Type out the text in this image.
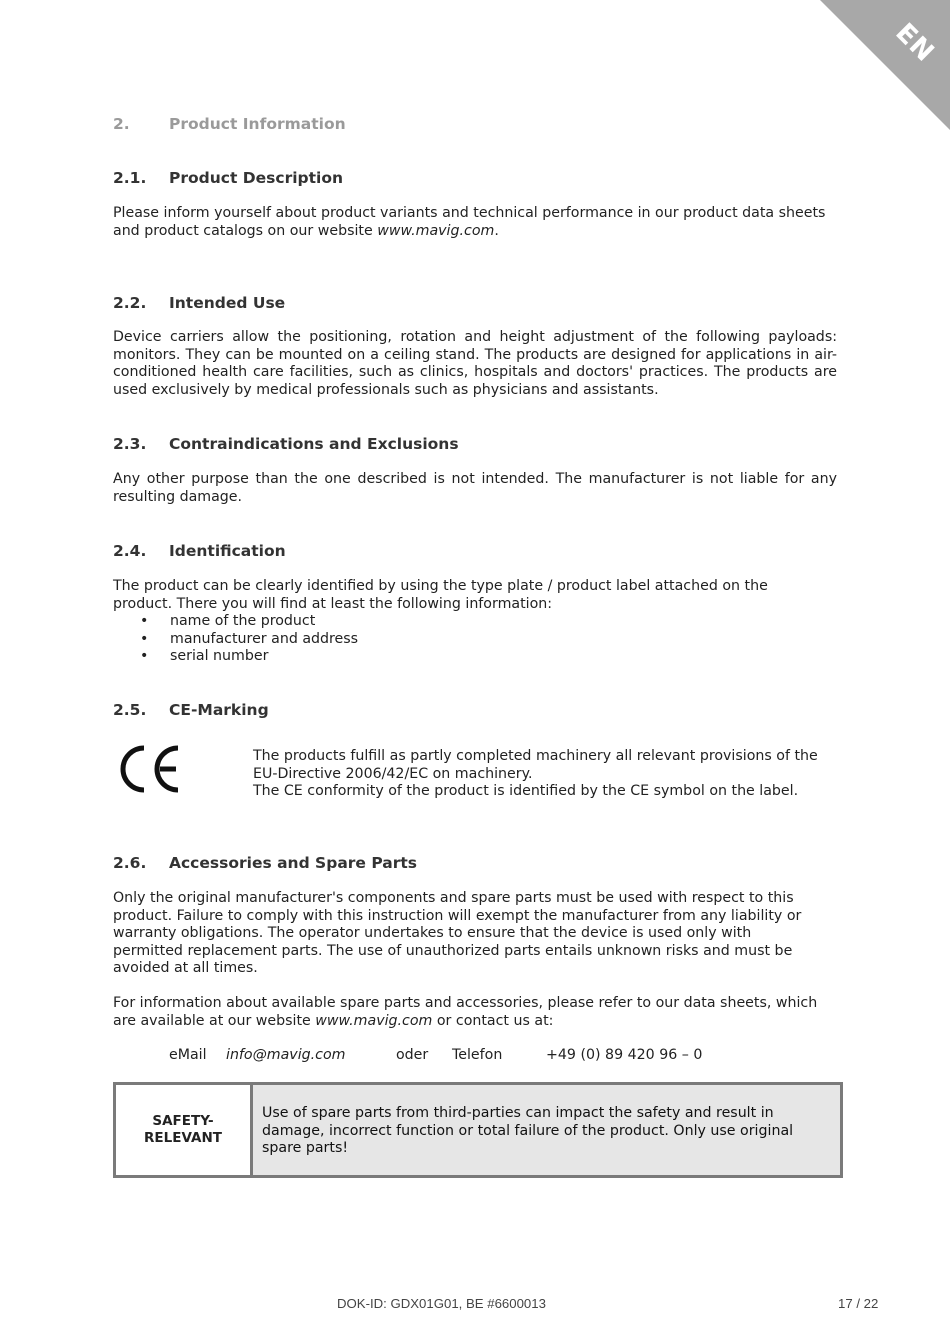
EN
2.	Product Information
2.1. Product Description
Please inform yourself about product variants and technical performance in our product data sheets and product catalogs on our website www.mavig.com.
2.2. Intended Use
Device carriers allow the positioning, rotation and height adjustment of the following payloads: monitors. They can be mounted on a ceiling stand. The products are designed for applications in air-conditioned health care facilities, such as clinics, hospitals and doctors' practices. The products are used exclusively by medical professionals such as physicians and assistants.
2.3. Contraindications and Exclusions
Any other purpose than the one described is not intended. The manufacturer is not liable for any resulting damage.
2.4. Identification
The product can be clearly identified by using the type plate / product label attached on the product. There you will find at least the following information:
• name of the product
• manufacturer and address
• serial number
2.5. CE-Marking
The products fulfill as partly completed machinery all relevant provisions of the EU-Directive 2006/42/EC on machinery.
The CE conformity of the product is identified by the CE symbol on the label.
2.6. Accessories and Spare Parts
Only the original manufacturer's components and spare parts must be used with respect to this product. Failure to comply with this instruction will exempt the manufacturer from any liability or warranty obligations. The operator undertakes to ensure that the device is used only with permitted replacement parts. The use of unauthorized parts entails unknown risks and must be avoided at all times.
For information about available spare parts and accessories, please refer to our data sheets, which are available at our website www.mavig.com or contact us at:
eMail info@mavig.com	oder Telefon	+49 (0) 89 420 96 – 0
SAFETY-
RELEVANT
Use of spare parts from third-parties can impact the safety and result in damage, incorrect function or total failure of the product. Only use original spare parts!
DOK-ID: GDX01G01, BE #6600013	17 / 22
